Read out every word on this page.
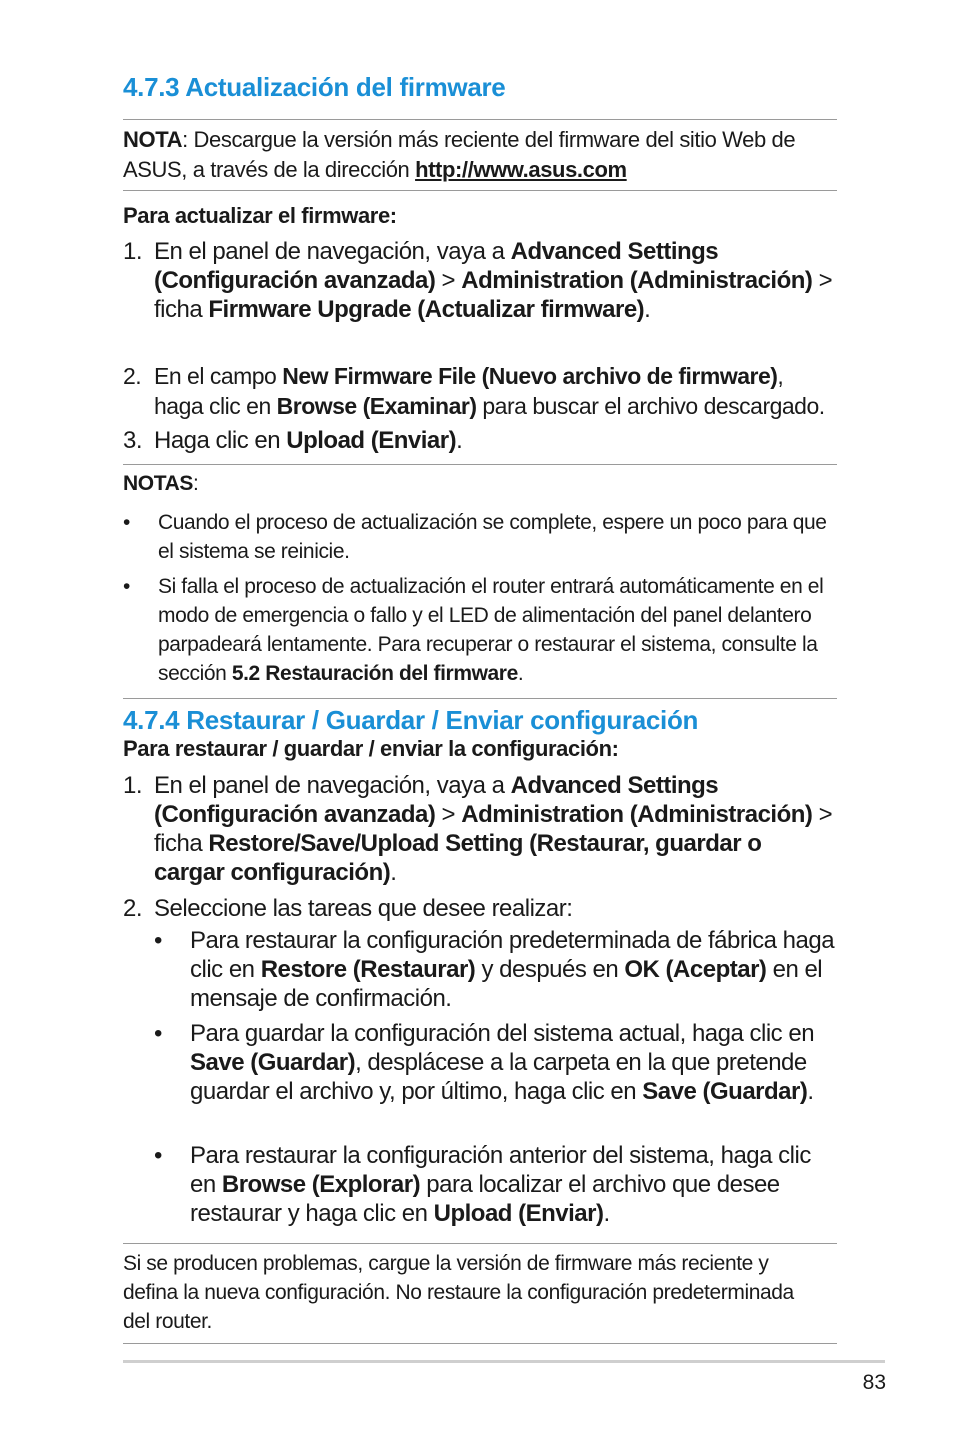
4.7.3 Actualización del firmware
NOTA: Descargue la versión más reciente del firmware del sitio Web de ASUS, a través de la dirección http://www.asus.com
Para actualizar el firmware:
1. En el panel de navegación, vaya a Advanced Settings (Configuración avanzada) > Administration (Administración) > ficha Firmware Upgrade (Actualizar firmware).
2. En el campo New Firmware File (Nuevo archivo de firmware), haga clic en Browse (Examinar) para buscar el archivo descargado.
3. Haga clic en Upload (Enviar).
NOTAS:
• Cuando el proceso de actualización se complete, espere un poco para que el sistema se reinicie.
• Si falla el proceso de actualización el router entrará automáticamente en el modo de emergencia o fallo y el LED de alimentación del panel delantero parpadeará lentamente. Para recuperar o restaurar el sistema, consulte la sección 5.2 Restauración del firmware.
4.7.4 Restaurar / Guardar / Enviar configuración
Para restaurar / guardar / enviar la configuración:
1. En el panel de navegación, vaya a Advanced Settings (Configuración avanzada) > Administration (Administración) > ficha Restore/Save/Upload Setting (Restaurar, guardar o cargar configuración).
2. Seleccione las tareas que desee realizar:
• Para restaurar la configuración predeterminada de fábrica haga clic en Restore (Restaurar) y después en OK (Aceptar) en el mensaje de confirmación.
• Para guardar la configuración del sistema actual, haga clic en Save (Guardar), desplácese a la carpeta en la que pretende guardar el archivo y, por último, haga clic en Save (Guardar).
• Para restaurar la configuración anterior del sistema, haga clic en Browse (Explorar) para localizar el archivo que desee restaurar y haga clic en Upload (Enviar).
Si se producen problemas, cargue la versión de firmware más reciente y defina la nueva configuración. No restaure la configuración predeterminada del router.
83
